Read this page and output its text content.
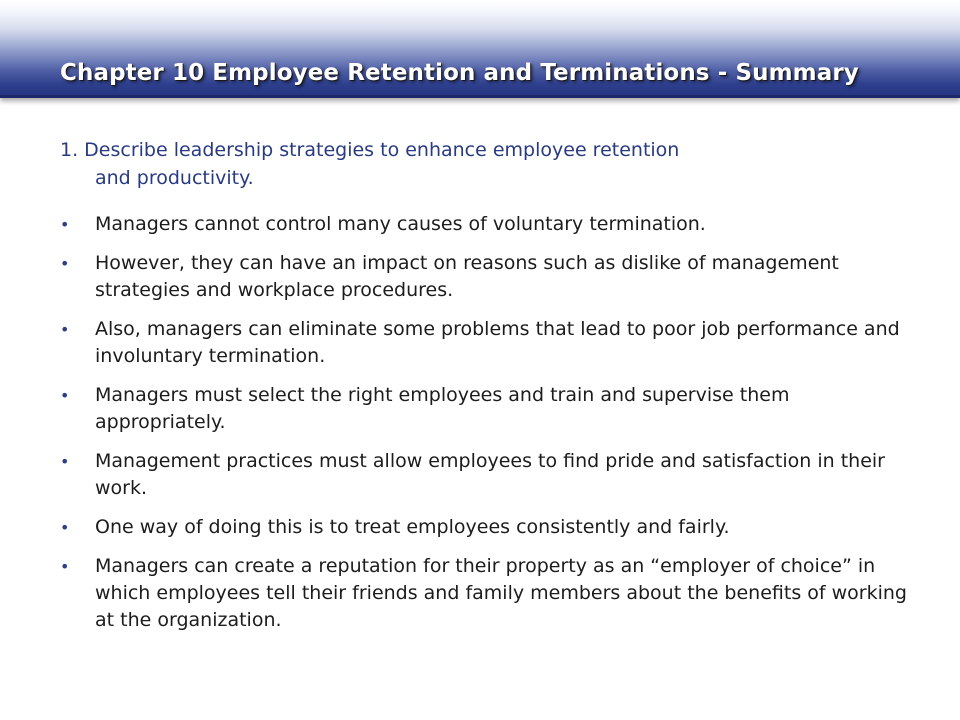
Chapter 10 Employee Retention and Terminations - Summary
1. Describe leadership strategies to enhance employee retention
and productivity.
•	Managers cannot control many causes of voluntary termination.
•	However, they can have an impact on reasons such as dislike of management strategies and workplace procedures.
•	Also, managers can eliminate some problems that lead to poor job performance and involuntary termination.
•	Managers must select the right employees and train and supervise them appropriately.
•	Management practices must allow employees to find pride and satisfaction in their work.
•	One way of doing this is to treat employees consistently and fairly.
•	Managers can create a reputation for their property as an “employer of choice” in which employees tell their friends and family members about the benefits of working at the organization.
